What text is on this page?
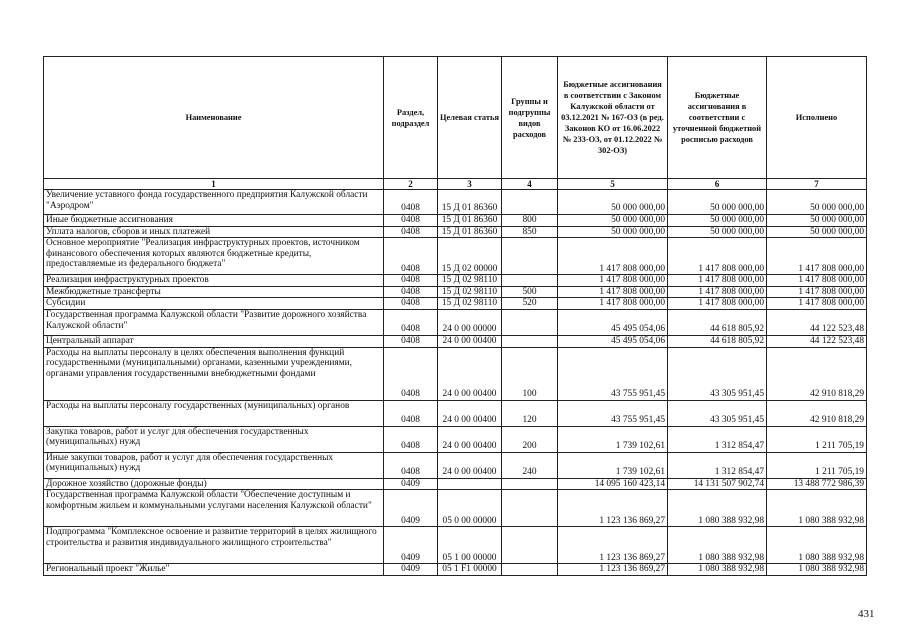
Наименование	Раздел, подраздел	Целевая статья	Группы и подгруппы видов расходов	Бюджетные ассигнования в соответствии с Законом Калужской области от 03.12.2021 № 167-ОЗ (в ред. Законов КО от 16.06.2022 № 233-ОЗ, от 01.12.2022 № 302-ОЗ)	Бюджетные ассигнования в соответствии с уточненной бюджетной росписью расходов	Исполнено
1	2	3	4	5	6	7
Увеличение уставного фонда государственного предприятия Калужской области "Аэродром"	0408	15 Д 01 86360		50 000 000,00	50 000 000,00	50 000 000,00
Иные бюджетные ассигнования	0408	15 Д 01 86360	800	50 000 000,00	50 000 000,00	50 000 000,00
Уплата налогов, сборов и иных платежей	0408	15 Д 01 86360	850	50 000 000,00	50 000 000,00	50 000 000,00
Основное мероприятие "Реализация инфраструктурных проектов, источником финансового обеспечения которых являются бюджетные кредиты, предоставляемые из федерального бюджета"	0408	15 Д 02 00000		1 417 808 000,00	1 417 808 000,00	1 417 808 000,00
Реализация инфраструктурных проектов	0408	15 Д 02 98110		1 417 808 000,00	1 417 808 000,00	1 417 808 000,00
Межбюджетные трансферты	0408	15 Д 02 98110	500	1 417 808 000,00	1 417 808 000,00	1 417 808 000,00
Субсидии	0408	15 Д 02 98110	520	1 417 808 000,00	1 417 808 000,00	1 417 808 000,00
Государственная программа Калужской области "Развитие дорожного хозяйства Калужской области"	0408	24 0 00 00000		45 495 054,06	44 618 805,92	44 122 523,48
Центральный аппарат	0408	24 0 00 00400		45 495 054,06	44 618 805,92	44 122 523,48
Расходы на выплаты персоналу в целях обеспечения выполнения функций государственными (муниципальными) органами, казенными учреждениями, органами управления государственными внебюджетными фондами	0408	24 0 00 00400	100	43 755 951,45	43 305 951,45	42 910 818,29
Расходы на выплаты персоналу государственных (муниципальных) органов	0408	24 0 00 00400	120	43 755 951,45	43 305 951,45	42 910 818,29
Закупка товаров, работ и услуг для обеспечения государственных (муниципальных) нужд	0408	24 0 00 00400	200	1 739 102,61	1 312 854,47	1 211 705,19
Иные закупки товаров, работ и услуг для обеспечения государственных (муниципальных) нужд	0408	24 0 00 00400	240	1 739 102,61	1 312 854,47	1 211 705,19
Дорожное хозяйство (дорожные фонды)	0409			14 095 160 423,14	14 131 507 902,74	13 488 772 986,39
Государственная программа Калужской области "Обеспечение доступным и комфортным жильем и коммунальными услугами населения Калужской области"	0409	05 0 00 00000		1 123 136 869,27	1 080 388 932,98	1 080 388 932,98
Подпрограмма "Комплексное освоение и развитие территорий в целях жилищного строительства и развития индивидуального жилищного строительства"	0409	05 1 00 00000		1 123 136 869,27	1 080 388 932,98	1 080 388 932,98
Региональный проект "Жилье"	0409	05 1 F1 00000		1 123 136 869,27	1 080 388 932,98	1 080 388 932,98
431
